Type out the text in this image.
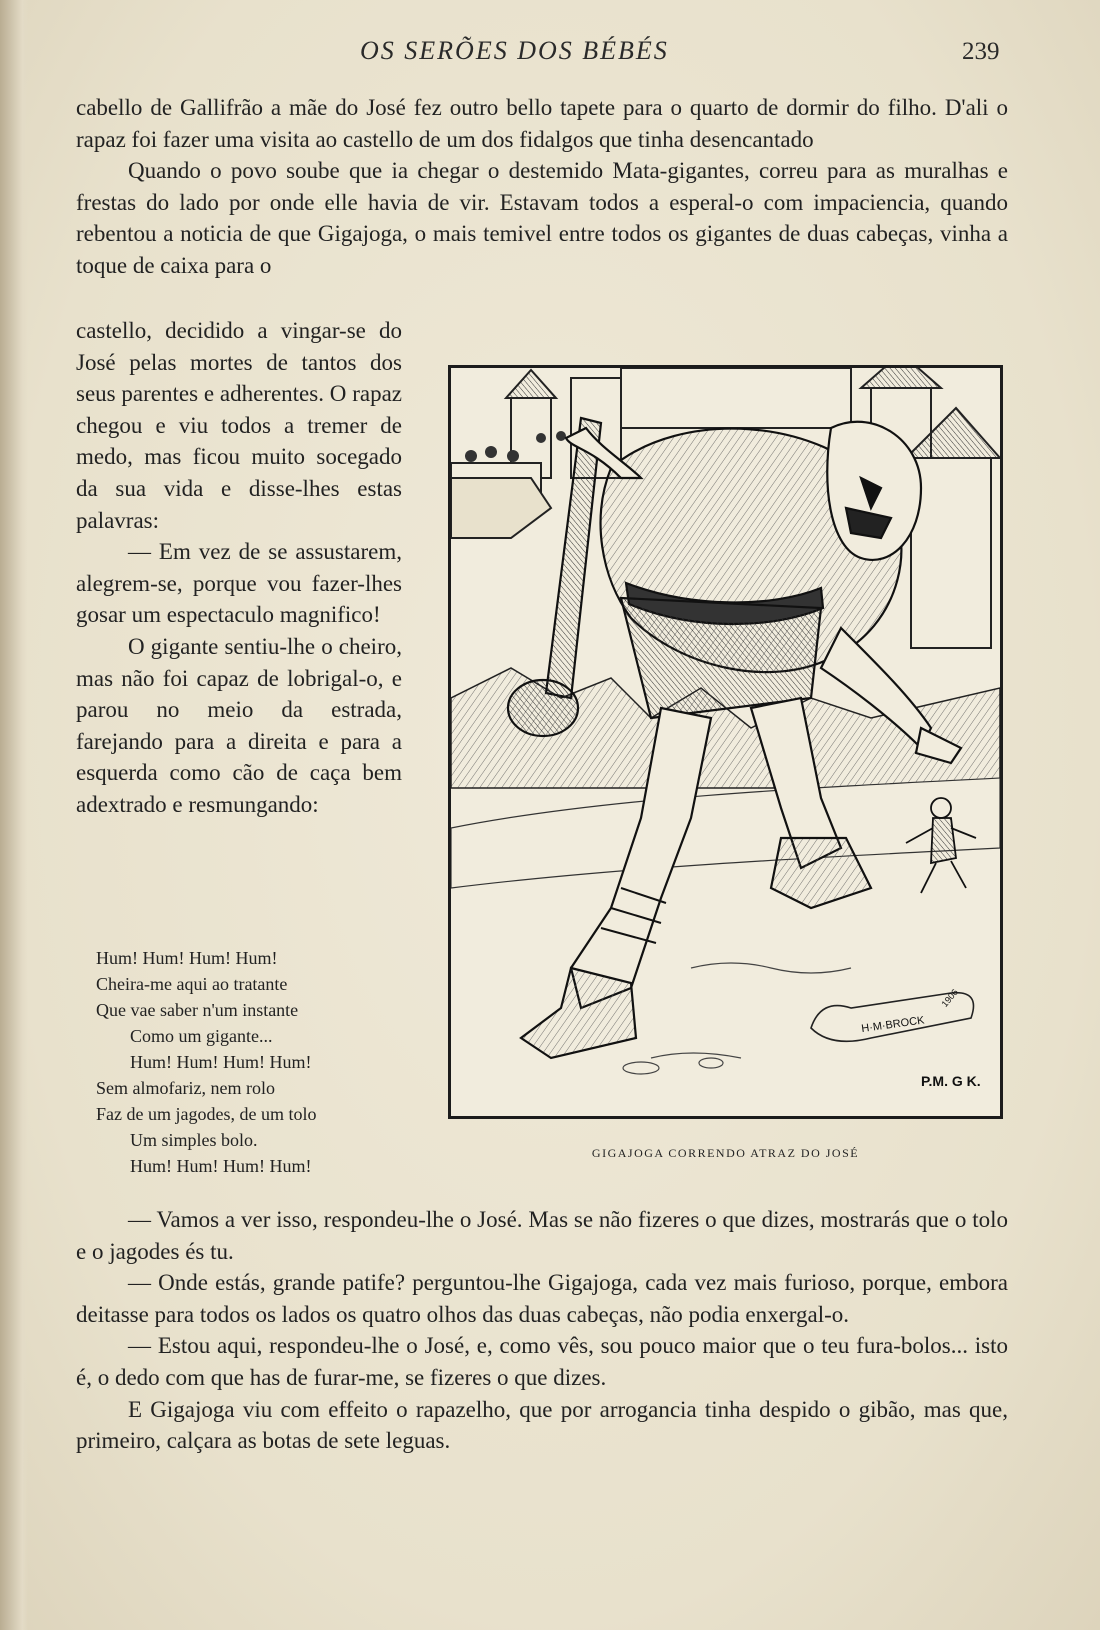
OS SERÕES DOS BÉBÉS	239

cabello de Gallifrão a mãe do José fez outro bello tapete para o quarto de dormir do filho. D'ali o rapaz foi fazer uma visita ao castello de um dos fidalgos que tinha desencantado

Quando o povo soube que ia chegar o destemido Mata-gigantes, correu para as muralhas e frestas do lado por onde elle havia de vir. Estavam todos a esperal-o com impaciencia, quando rebentou a noticia de que Gigajoga, o mais temivel entre todos os gigantes de duas cabeças, vinha a toque de caixa para o

castello, decidido a vingar-se do José pelas mortes de tantos dos seus parentes e adherentes. O rapaz chegou e viu todos a tremer de medo, mas ficou muito socegado da sua vida e disse-lhes estas palavras:

— Em vez de se assustarem, alegrem-se, porque vou fazer-lhes gosar um espectaculo magnifico!

O gigante sentiu-lhe o cheiro, mas não foi capaz de lobrigal-o, e parou no meio da estrada, farejando para a direita e para a esquerda como cão de caça bem adextrado e resmungando:

Hum! Hum! Hum! Hum!
Cheira-me aqui ao tratante
Que vae saber n'um instante
Como um gigante...
Hum! Hum! Hum! Hum!
Sem almofariz, nem rolo
Faz de um jagodes, de um tolo
Um simples bolo.
Hum! Hum! Hum! Hum!
H·M·BROCK
1906
P.M. G K.
GIGAJOGA CORRENDO ATRAZ DO JOSÉ

— Vamos a ver isso, respondeu-lhe o José. Mas se não fizeres o que dizes, mostrarás que o tolo e o jagodes és tu.

— Onde estás, grande patife? perguntou-lhe Gigajoga, cada vez mais furioso, porque, embora deitasse para todos os lados os quatro olhos das duas cabeças, não podia enxergal-o.

— Estou aqui, respondeu-lhe o José, e, como vês, sou pouco maior que o teu fura-bolos... isto é, o dedo com que has de furar-me, se fizeres o que dizes.

E Gigajoga viu com effeito o rapazelho, que por arrogancia tinha despido o gibão, mas que, primeiro, calçara as botas de sete leguas.
